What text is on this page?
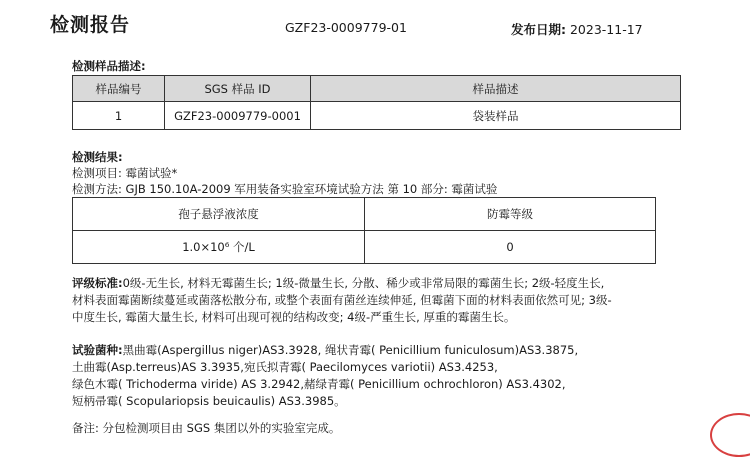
检测报告	GZF23-0009779-01	发布日期: 2023-11-17
检测样品描述:
样品编号	SGS 样品 ID	样品描述
1	GZF23-0009779-0001	袋装样品
检测结果:
检测项目: 霉菌试验*
检测方法: GJB 150.10A-2009 军用装备实验室环境试验方法 第 10 部分: 霉菌试验
孢子悬浮液浓度	防霉等级
1.0×10⁶ 个/L	0
评级标准:0级-无生长, 材料无霉菌生长; 1级-微量生长, 分散、稀少或非常局限的霉菌生长; 2级-轻度生长,
材料表面霉菌断续蔓延或菌落松散分布, 或整个表面有菌丝连续伸延, 但霉菌下面的材料表面依然可见; 3级-
中度生长, 霉菌大量生长, 材料可出现可视的结构改变; 4级-严重生长, 厚重的霉菌生长。
试验菌种:黑曲霉(Aspergillus niger)AS3.3928, 绳状青霉( Penicillium funiculosum)AS3.3875,
土曲霉(Asp.terreus)AS 3.3935,宛氏拟青霉( Paecilomyces variotii) AS3.4253,
绿色木霉( Trichoderma viride) AS 3.2942,赭绿青霉( Penicillium ochrochloron) AS3.4302,
短柄帚霉( Scopulariopsis beuicaulis) AS3.3985。
备注: 分包检测项目由 SGS 集团以外的实验室完成。
